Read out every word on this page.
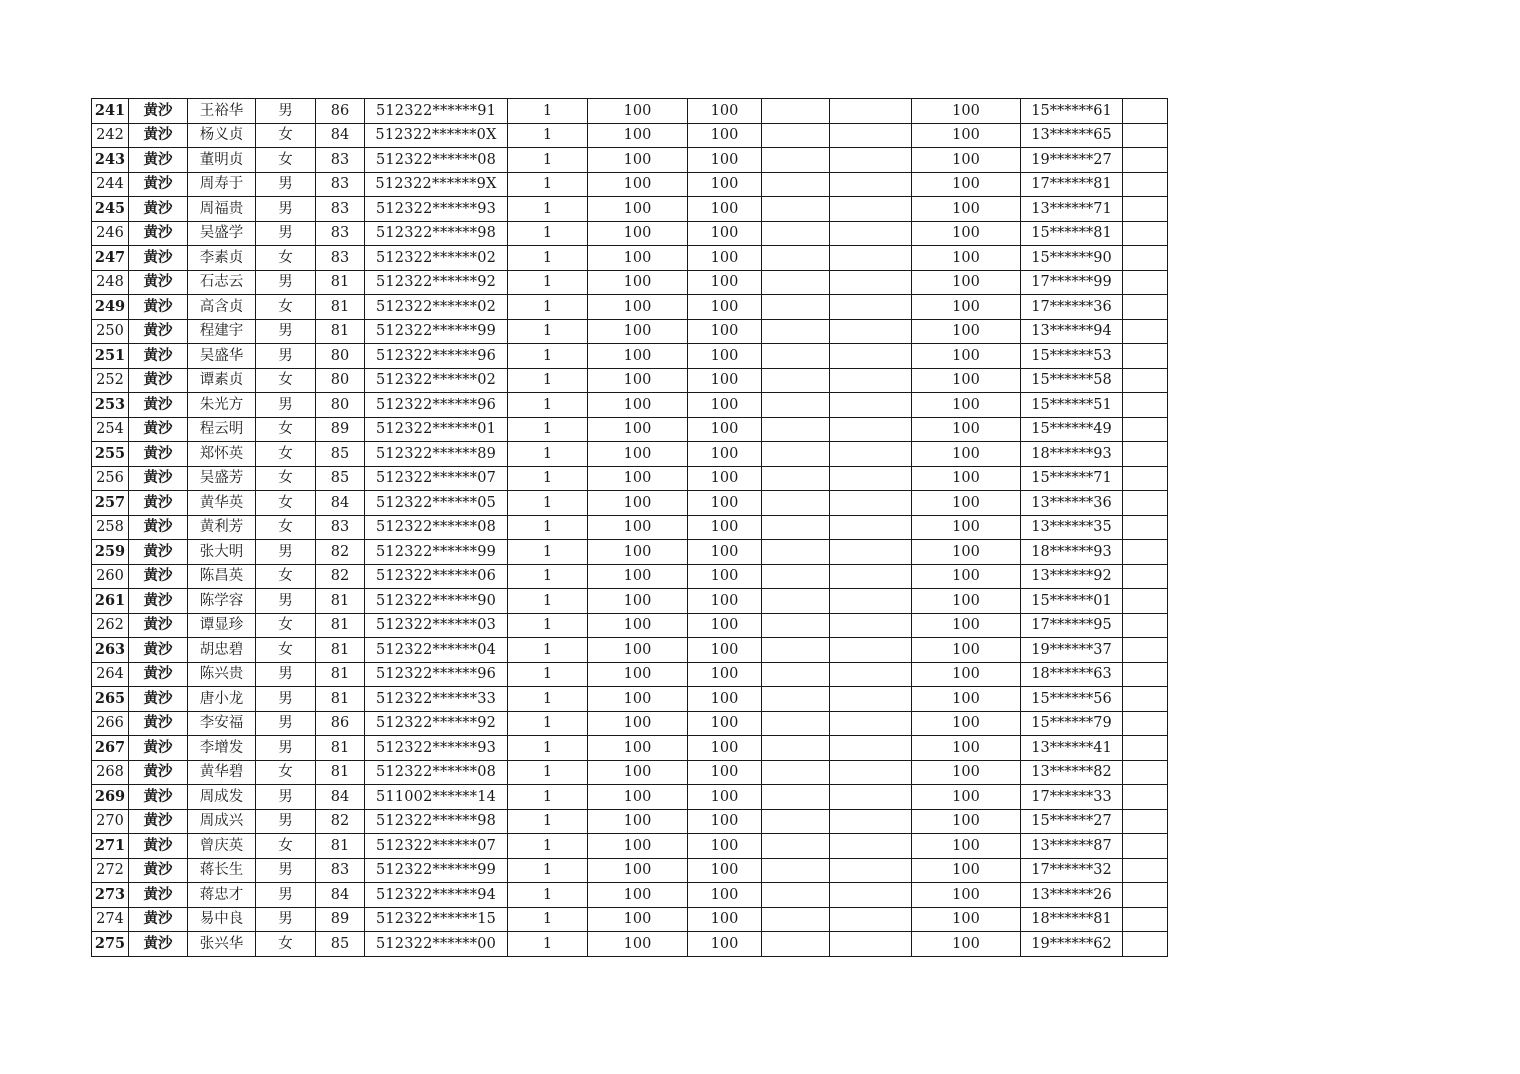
241	黄沙	王裕华	男	86	512322******91	1	100	100			100	15******61	
242	黄沙	杨义贞	女	84	512322******0X	1	100	100			100	13******65	
243	黄沙	董明贞	女	83	512322******08	1	100	100			100	19******27	
244	黄沙	周寿于	男	83	512322******9X	1	100	100			100	17******81	
245	黄沙	周福贵	男	83	512322******93	1	100	100			100	13******71	
246	黄沙	吴盛学	男	83	512322******98	1	100	100			100	15******81	
247	黄沙	李素贞	女	83	512322******02	1	100	100			100	15******90	
248	黄沙	石志云	男	81	512322******92	1	100	100			100	17******99	
249	黄沙	高含贞	女	81	512322******02	1	100	100			100	17******36	
250	黄沙	程建宇	男	81	512322******99	1	100	100			100	13******94	
251	黄沙	吴盛华	男	80	512322******96	1	100	100			100	15******53	
252	黄沙	谭素贞	女	80	512322******02	1	100	100			100	15******58	
253	黄沙	朱光方	男	80	512322******96	1	100	100			100	15******51	
254	黄沙	程云明	女	89	512322******01	1	100	100			100	15******49	
255	黄沙	郑怀英	女	85	512322******89	1	100	100			100	18******93	
256	黄沙	吴盛芳	女	85	512322******07	1	100	100			100	15******71	
257	黄沙	黄华英	女	84	512322******05	1	100	100			100	13******36	
258	黄沙	黄利芳	女	83	512322******08	1	100	100			100	13******35	
259	黄沙	张大明	男	82	512322******99	1	100	100			100	18******93	
260	黄沙	陈昌英	女	82	512322******06	1	100	100			100	13******92	
261	黄沙	陈学容	男	81	512322******90	1	100	100			100	15******01	
262	黄沙	谭显珍	女	81	512322******03	1	100	100			100	17******95	
263	黄沙	胡忠碧	女	81	512322******04	1	100	100			100	19******37	
264	黄沙	陈兴贵	男	81	512322******96	1	100	100			100	18******63	
265	黄沙	唐小龙	男	81	512322******33	1	100	100			100	15******56	
266	黄沙	李安福	男	86	512322******92	1	100	100			100	15******79	
267	黄沙	李增发	男	81	512322******93	1	100	100			100	13******41	
268	黄沙	黄华碧	女	81	512322******08	1	100	100			100	13******82	
269	黄沙	周成发	男	84	511002******14	1	100	100			100	17******33	
270	黄沙	周成兴	男	82	512322******98	1	100	100			100	15******27	
271	黄沙	曾庆英	女	81	512322******07	1	100	100			100	13******87	
272	黄沙	蒋长生	男	83	512322******99	1	100	100			100	17******32	
273	黄沙	蒋忠才	男	84	512322******94	1	100	100			100	13******26	
274	黄沙	易中良	男	89	512322******15	1	100	100			100	18******81	
275	黄沙	张兴华	女	85	512322******00	1	100	100			100	19******62	
